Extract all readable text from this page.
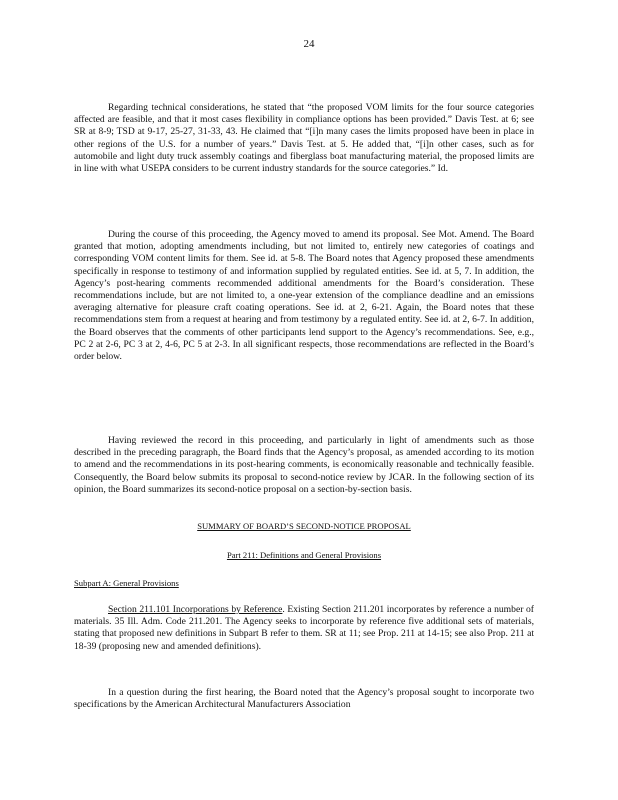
24

Regarding technical considerations, he stated that “the proposed VOM limits for the four source categories affected are feasible, and that it most cases flexibility in compliance options has been provided.” Davis Test. at 6; see SR at 8-9; TSD at 9-17, 25-27, 31-33, 43. He claimed that “[i]n many cases the limits proposed have been in place in other regions of the U.S. for a number of years.” Davis Test. at 5. He added that, “[i]n other cases, such as for automobile and light duty truck assembly coatings and fiberglass boat manufacturing material, the proposed limits are in line with what USEPA considers to be current industry standards for the source categories.” Id.

During the course of this proceeding, the Agency moved to amend its proposal. See Mot. Amend. The Board granted that motion, adopting amendments including, but not limited to, entirely new categories of coatings and corresponding VOM content limits for them. See id. at 5-8. The Board notes that Agency proposed these amendments specifically in response to testimony of and information supplied by regulated entities. See id. at 5, 7. In addition, the Agency’s post-hearing comments recommended additional amendments for the Board’s consideration. These recommendations include, but are not limited to, a one-year extension of the compliance deadline and an emissions averaging alternative for pleasure craft coating operations. See id. at 2, 6-21. Again, the Board notes that these recommendations stem from a request at hearing and from testimony by a regulated entity. See id. at 2, 6-7. In addition, the Board observes that the comments of other participants lend support to the Agency’s recommendations. See, e.g., PC 2 at 2-6, PC 3 at 2, 4-6, PC 5 at 2-3. In all significant respects, those recommendations are reflected in the Board’s order below.

Having reviewed the record in this proceeding, and particularly in light of amendments such as those described in the preceding paragraph, the Board finds that the Agency’s proposal, as amended according to its motion to amend and the recommendations in its post-hearing comments, is economically reasonable and technically feasible. Consequently, the Board below submits its proposal to second-notice review by JCAR. In the following section of its opinion, the Board summarizes its second-notice proposal on a section-by-section basis.

SUMMARY OF BOARD’S SECOND-NOTICE PROPOSAL
Part 211: Definitions and General Provisions
Subpart A: General Provisions

Section 211.101 Incorporations by Reference. Existing Section 211.201 incorporates by reference a number of materials. 35 Ill. Adm. Code 211.201. The Agency seeks to incorporate by reference five additional sets of materials, stating that proposed new definitions in Subpart B refer to them. SR at 11; see Prop. 211 at 14-15; see also Prop. 211 at 18-39 (proposing new and amended definitions).

In a question during the first hearing, the Board noted that the Agency’s proposal sought to incorporate two specifications by the American Architectural Manufacturers Association
